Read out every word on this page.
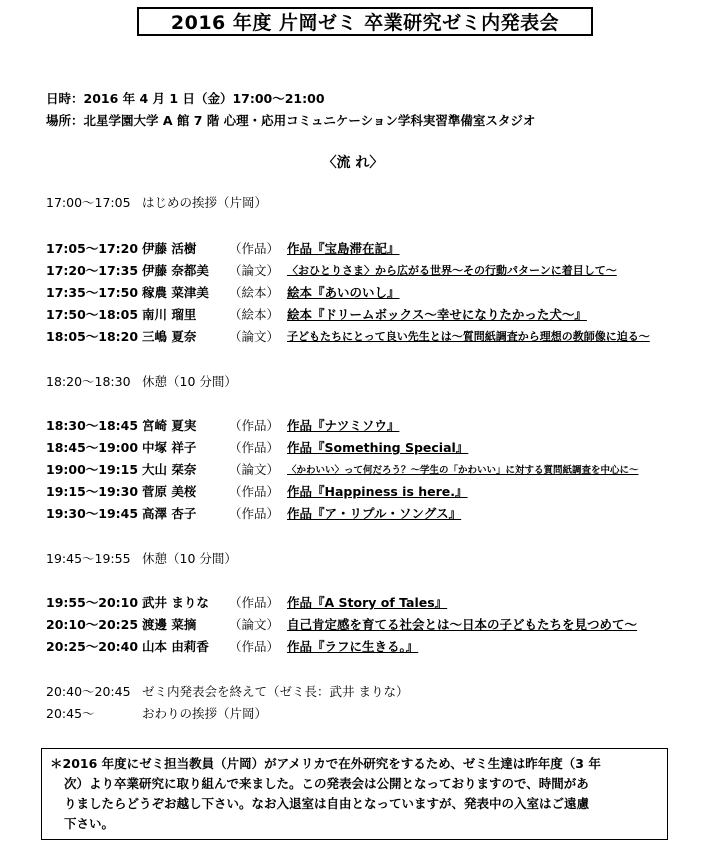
2016 年度 片岡ゼミ 卒業研究ゼミ内発表会
日時：2016 年 4 月 1 日（金）17:00～21:00
場所：北星学園大学 A 館 7 階 心理・応用コミュニケーション学科実習準備室スタジオ
〈流 れ〉
17:00～17:05 はじめの挨拶（片岡）
17:05～17:20 伊藤 活樹	（作品） 作品『宝島滞在記』
17:20～17:35 伊藤 奈都美 （論文） 〈おひとりさま〉から広がる世界～その行動パターンに着目して～
17:35～17:50 稼農 菜津美 （絵本） 絵本『あいのいし』
17:50～18:05 南川 瑠里	（絵本） 絵本『ドリームボックス～幸せになりたかった犬～』
18:05～18:20 三嶋 夏奈	（論文） 子どもたちにとって良い先生とは～質問紙調査から理想の教師像に迫る～
18:20～18:30 休憩（10 分間）
18:30～18:45 宮崎 夏実	（作品） 作品『ナツミソウ』
18:45～19:00 中塚 祥子	（作品） 作品『Something Special』
19:00～19:15 大山 栞奈	（論文） 〈かわいい〉って何だろう？～学生の「かわいい」に対する質問紙調査を中心に～
19:15～19:30 菅原 美桜	（作品） 作品『Happiness is here.』
19:30～19:45 高澤 杏子	（作品） 作品『ア・リプル・ソングス』
19:45～19:55 休憩（10 分間）
19:55～20:10 武井 まりな （作品） 作品『A Story of Tales』
20:10～20:25 渡邊 菜摘	（論文） 自己肯定感を育てる社会とは～日本の子どもたちを見つめて～
20:25～20:40 山本 由莉香 （作品） 作品『ラフに生きる。』
20:40～20:45 ゼミ内発表会を終えて（ゼミ長：武井 まりな）
20:45～	おわりの挨拶（片岡）
＊2016 年度にゼミ担当教員（片岡）がアメリカで在外研究をするため、ゼミ生達は昨年度（3 年
次）より卒業研究に取り組んで来ました。この発表会は公開となっておりますので、時間があ
りましたらどうぞお越し下さい。なお入退室は自由となっていますが、発表中の入室はご遠慮
下さい。
